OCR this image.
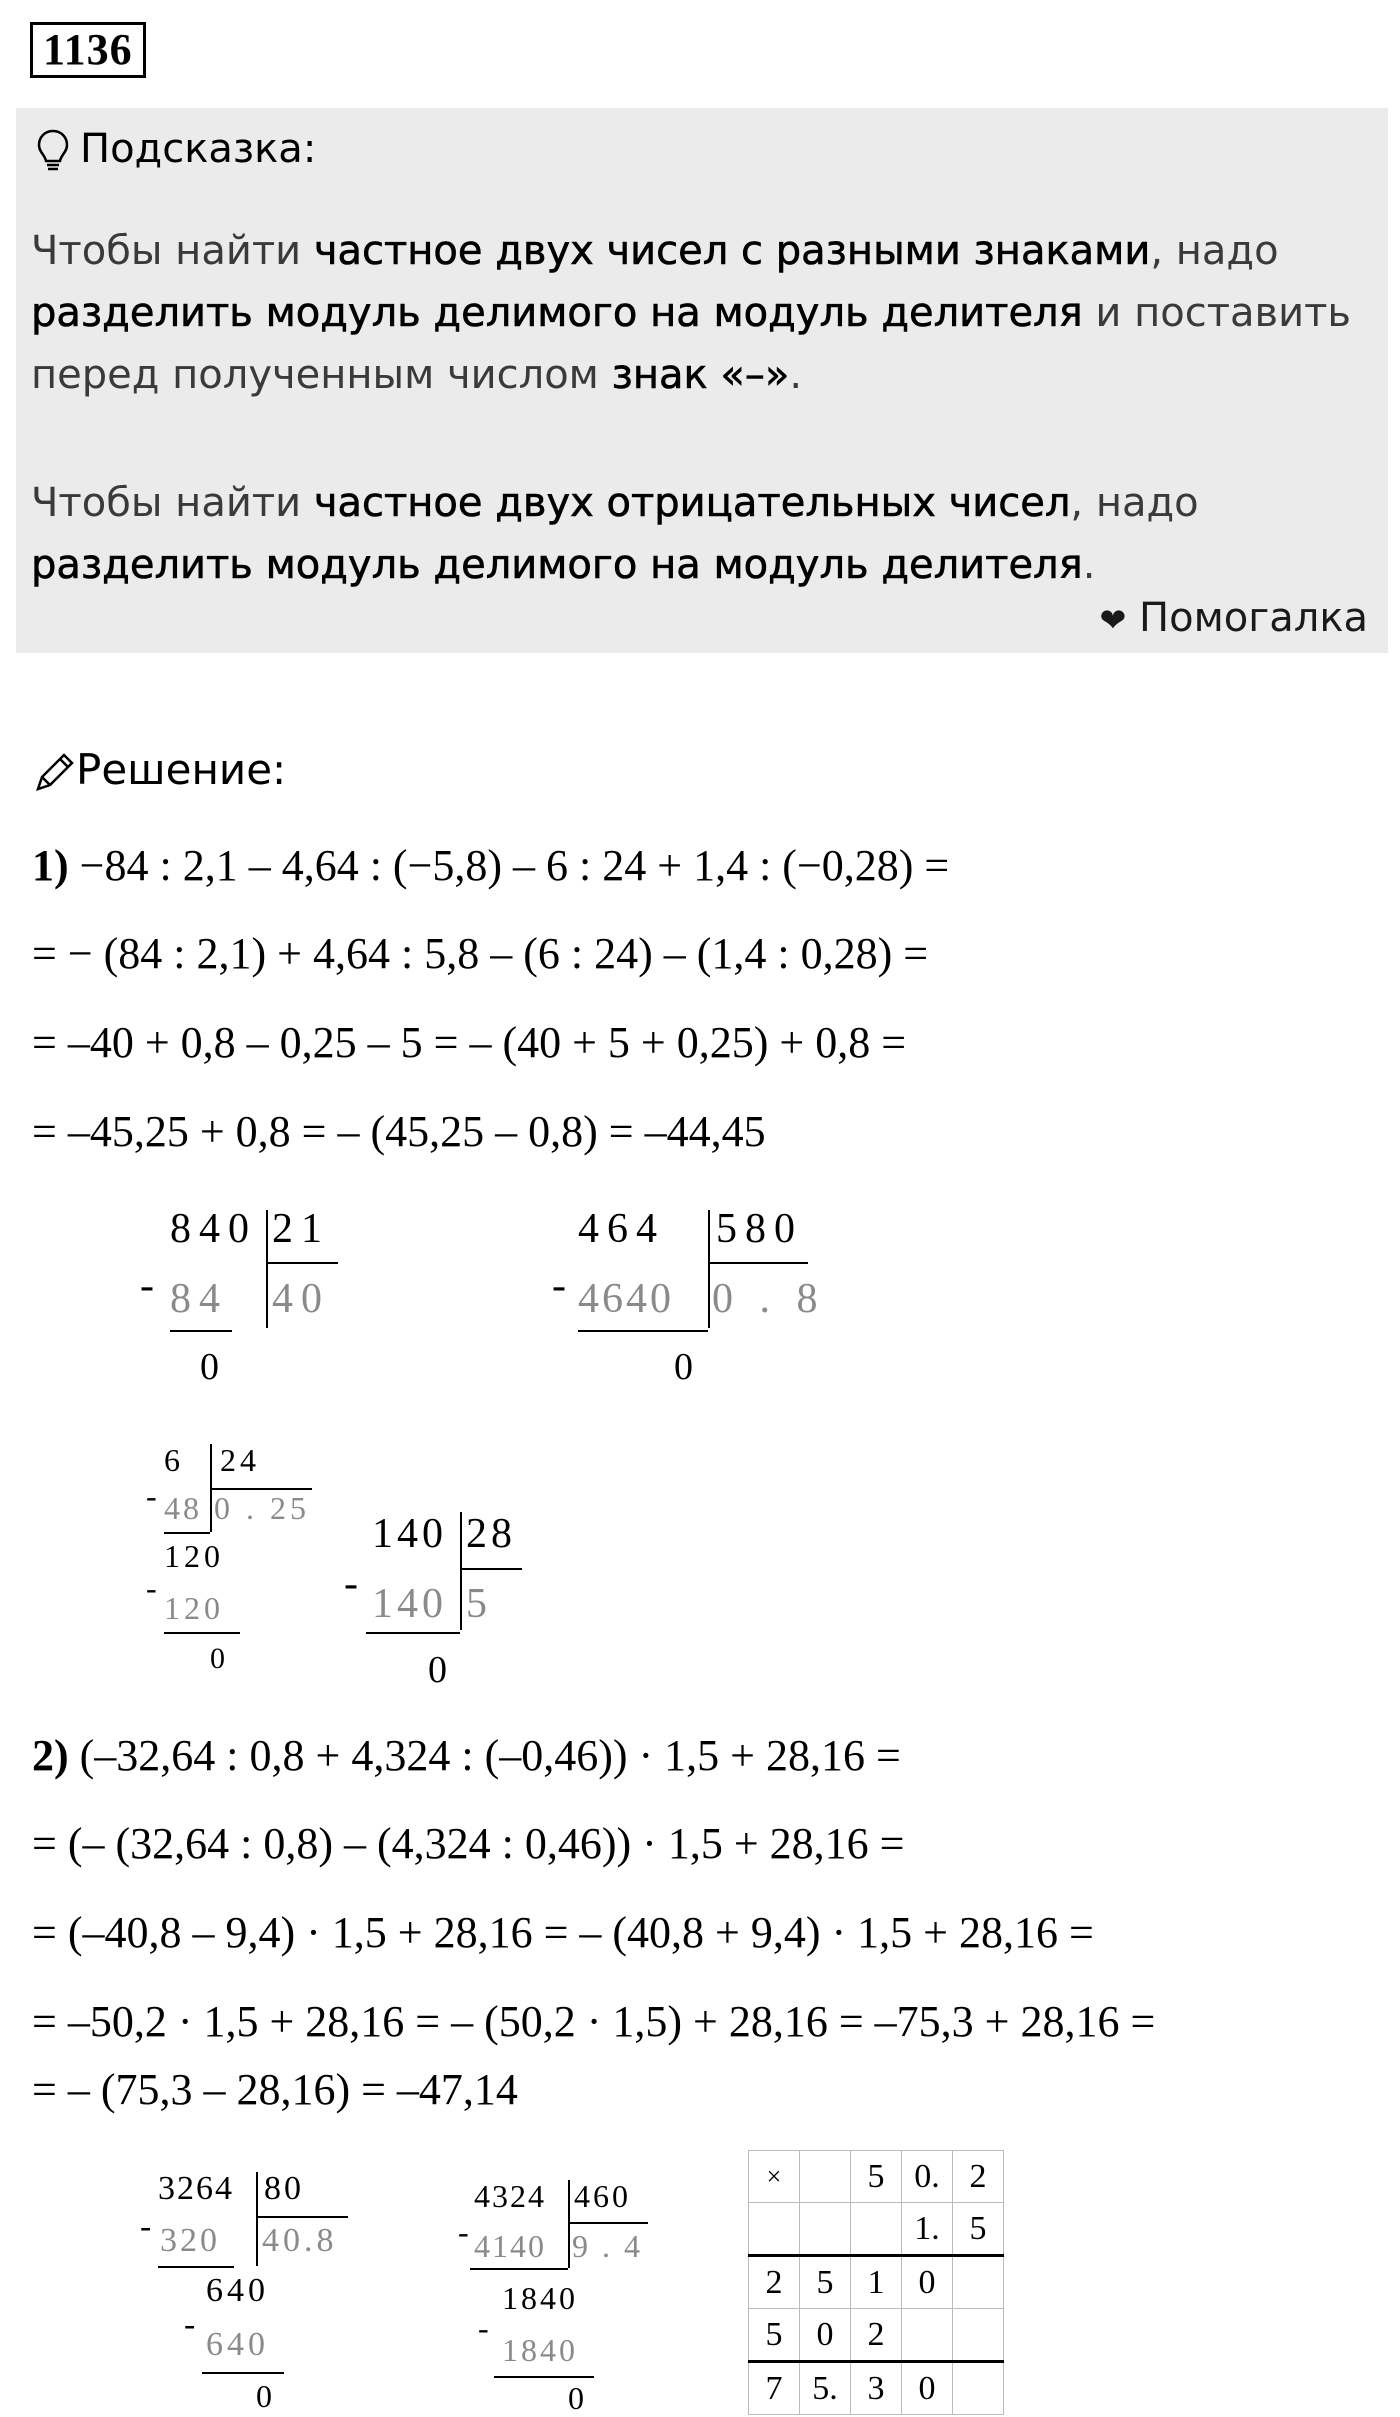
1136
Подсказка:
Чтобы найти частное двух чисел с разными знаками, надо разделить модуль делимого на модуль делителя и поставить перед полученным числом знак «–».
Чтобы найти частное двух отрицательных чисел, надо разделить модуль делимого на модуль делителя.
❤ Помогалка
Решение:
1) −84 : 2,1 – 4,64 : (−5,8) – 6 : 24 + 1,4 : (−0,28) =
= − (84 : 2,1) + 4,64 : 5,8 – (6 : 24) – (1,4 : 0,28) =
= –40 + 0,8 – 0,25 – 5 = – (40 + 5 + 0,25) + 0,8 =
= –45,25 + 0,8 = – (45,25 – 0,8) = –44,45
840 21
- 84 40
0
464 580
- 4640 0 . 8
0
6 24
- 48 0 . 25
120
-
120
0
140 28
- 140 5
0
2) (–32,64 : 0,8 + 4,324 : (–0,46)) · 1,5 + 28,16 =
= (– (32,64 : 0,8) – (4,324 : 0,46)) · 1,5 + 28,16 =
= (–40,8 – 9,4) · 1,5 + 28,16 = – (40,8 + 9,4) · 1,5 + 28,16 =
= –50,2 · 1,5 + 28,16 = – (50,2 · 1,5) + 28,16 = –75,3 + 28,16 =
= – (75,3 – 28,16) = –47,14
3264 80
- 320 40.8
640
-
640
0
4324 460
- 4140 9 . 4
1840
-
1840
0
×		5	0.	2
			1.	5
2	5	1	0	
5	0	2		
7	5.	3	0	
